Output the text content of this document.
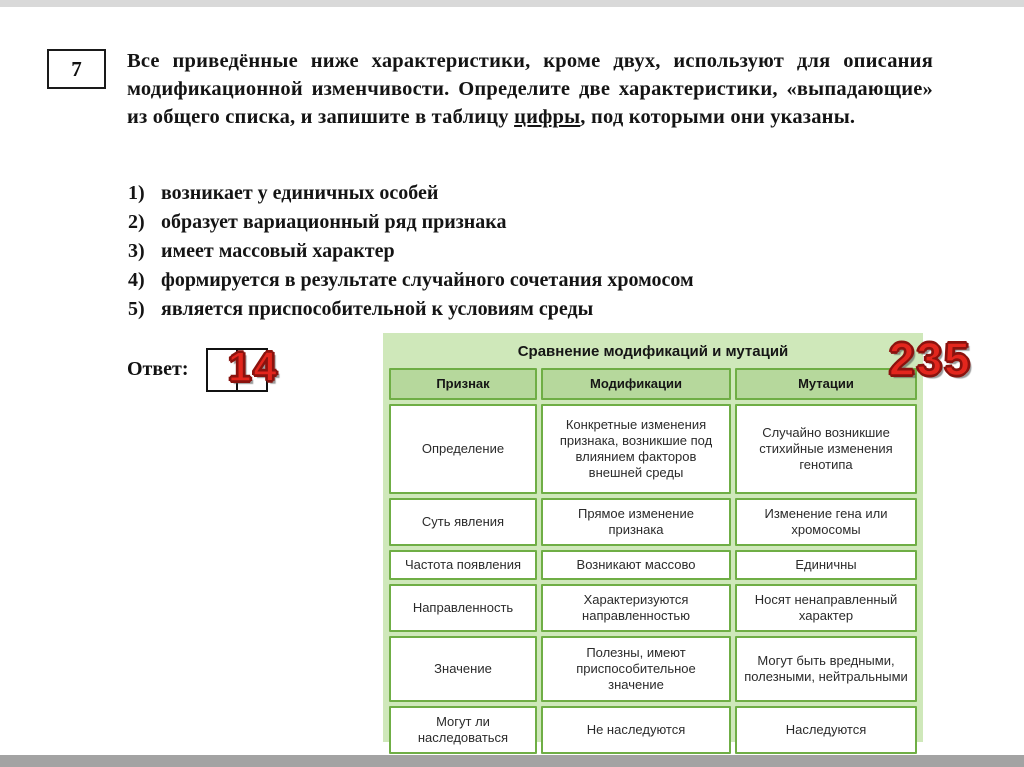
7 Все приведённые ниже характеристики, кроме двух, используют для описания модификационной изменчивости. Определите две характеристики, «выпадающие» из общего списка, и запишите в таблицу цифры, под которыми они указаны.
1) возникает у единичных особей
2) образует вариационный ряд признака
3) имеет массовый характер
4) формируется в результате случайного сочетания хромосом
5) является приспособительной к условиям среды
Ответ: 14	Сравнение модификаций и мутаций
Признак	Модификации	Мутации
Определение	Конкретные изменения признака, возникшие под влиянием факторов внешней среды	Случайно возникшие стихийные изменения генотипа
Суть явления	Прямое изменение признака	Изменение гена или хромосомы
Частота появления	Возникают массово	Единичны
Направленность	Характеризуются направленностью	Носят ненаправленный характер
Значение	Полезны, имеют приспособительное значение	Могут быть вредными, полезными, нейтральными
Могут ли наследоваться	Не наследуются	Наследуются
235
